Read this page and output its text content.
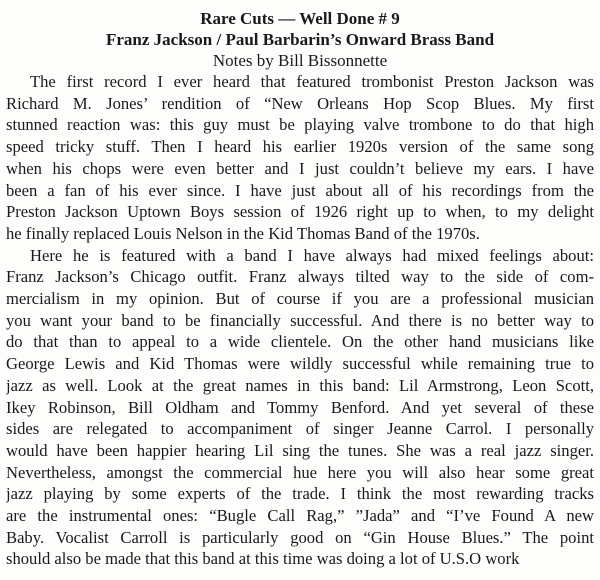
Rare Cuts — Well Done # 9

Franz Jackson / Paul Barbarin’s Onward Brass Band

Notes by Bill Bissonnette

The first record I ever heard that featured trombonist Preston Jackson was
Richard M. Jones’ rendition of “New Orleans Hop Scop Blues. My first
stunned reaction was: this guy must be playing valve trombone to do that high
speed tricky stuff. Then I heard his earlier 1920s version of the same song
when his chops were even better and I just couldn’t believe my ears. I have
been a fan of his ever since. I have just about all of his recordings from the
Preston Jackson Uptown Boys session of 1926 right up to when, to my delight
he finally replaced Louis Nelson in the Kid Thomas Band of the 1970s.
Here he is featured with a band I have always had mixed feelings about:
Franz Jackson’s Chicago outfit. Franz always tilted way to the side of com-
mercialism in my opinion. But of course if you are a professional musician
you want your band to be financially successful. And there is no better way to
do that than to appeal to a wide clientele. On the other hand musicians like
George Lewis and Kid Thomas were wildly successful while remaining true to
jazz as well. Look at the great names in this band: Lil Armstrong, Leon Scott,
Ikey Robinson, Bill Oldham and Tommy Benford. And yet several of these
sides are relegated to accompaniment of singer Jeanne Carrol. I personally
would have been happier hearing Lil sing the tunes. She was a real jazz singer.
Nevertheless, amongst the commercial hue here you will also hear some great
jazz playing by some experts of the trade. I think the most rewarding tracks
are the instrumental ones: “Bugle Call Rag,” ”Jada” and “I’ve Found A new
Baby. Vocalist Carroll is particularly good on “Gin House Blues.” The point
should also be made that this band at this time was doing a lot of U.S.O work
